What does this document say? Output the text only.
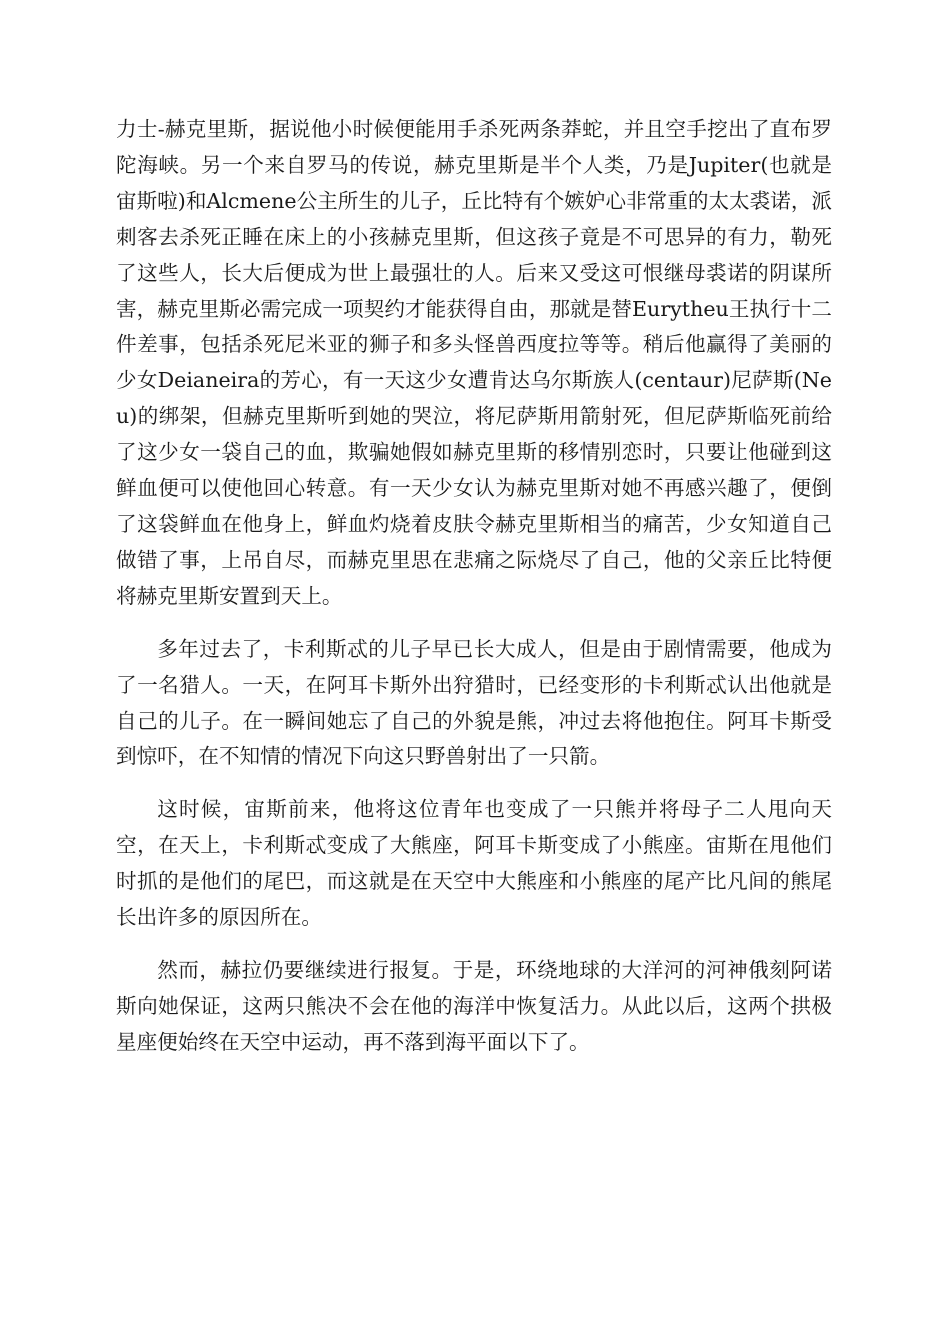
力士-赫克里斯，据说他小时候便能用手杀死两条莽蛇，并且空手挖出了直布罗陀海峡。另一个来自罗马的传说，赫克里斯是半个人类，乃是Jupiter(也就是宙斯啦)和Alcmene公主所生的儿子，丘比特有个嫉妒心非常重的太太裘诺，派刺客去杀死正睡在床上的小孩赫克里斯，但这孩子竟是不可思异的有力，勒死了这些人，长大后便成为世上最强壮的人。后来又受这可恨继母裘诺的阴谋所害，赫克里斯必需完成一项契约才能获得自由，那就是替Eurytheu王执行十二件差事，包括杀死尼米亚的狮子和多头怪兽西度拉等等。稍后他赢得了美丽的少女Deianeira的芳心，有一天这少女遭肯达乌尔斯族人(centaur)尼萨斯(Neu)的绑架，但赫克里斯听到她的哭泣，将尼萨斯用箭射死，但尼萨斯临死前给了这少女一袋自己的血，欺骗她假如赫克里斯的移情别恋时，只要让他碰到这鲜血便可以使他回心转意。有一天少女认为赫克里斯对她不再感兴趣了，便倒了这袋鲜血在他身上，鲜血灼烧着皮肤令赫克里斯相当的痛苦，少女知道自己做错了事，上吊自尽，而赫克里思在悲痛之际烧尽了自己，他的父亲丘比特便将赫克里斯安置到天上。

多年过去了，卡利斯忒的儿子早已长大成人，但是由于剧情需要，他成为了一名猎人。一天，在阿耳卡斯外出狩猎时，已经变形的卡利斯忒认出他就是自己的儿子。在一瞬间她忘了自己的外貌是熊，冲过去将他抱住。阿耳卡斯受到惊吓，在不知情的情况下向这只野兽射出了一只箭。

这时候，宙斯前来，他将这位青年也变成了一只熊并将母子二人甩向天空，在天上，卡利斯忒变成了大熊座，阿耳卡斯变成了小熊座。宙斯在甩他们时抓的是他们的尾巴，而这就是在天空中大熊座和小熊座的尾产比凡间的熊尾长出许多的原因所在。

然而，赫拉仍要继续进行报复。于是，环绕地球的大洋河的河神俄刻阿诺斯向她保证，这两只熊决不会在他的海洋中恢复活力。从此以后，这两个拱极星座便始终在天空中运动，再不落到海平面以下了。
